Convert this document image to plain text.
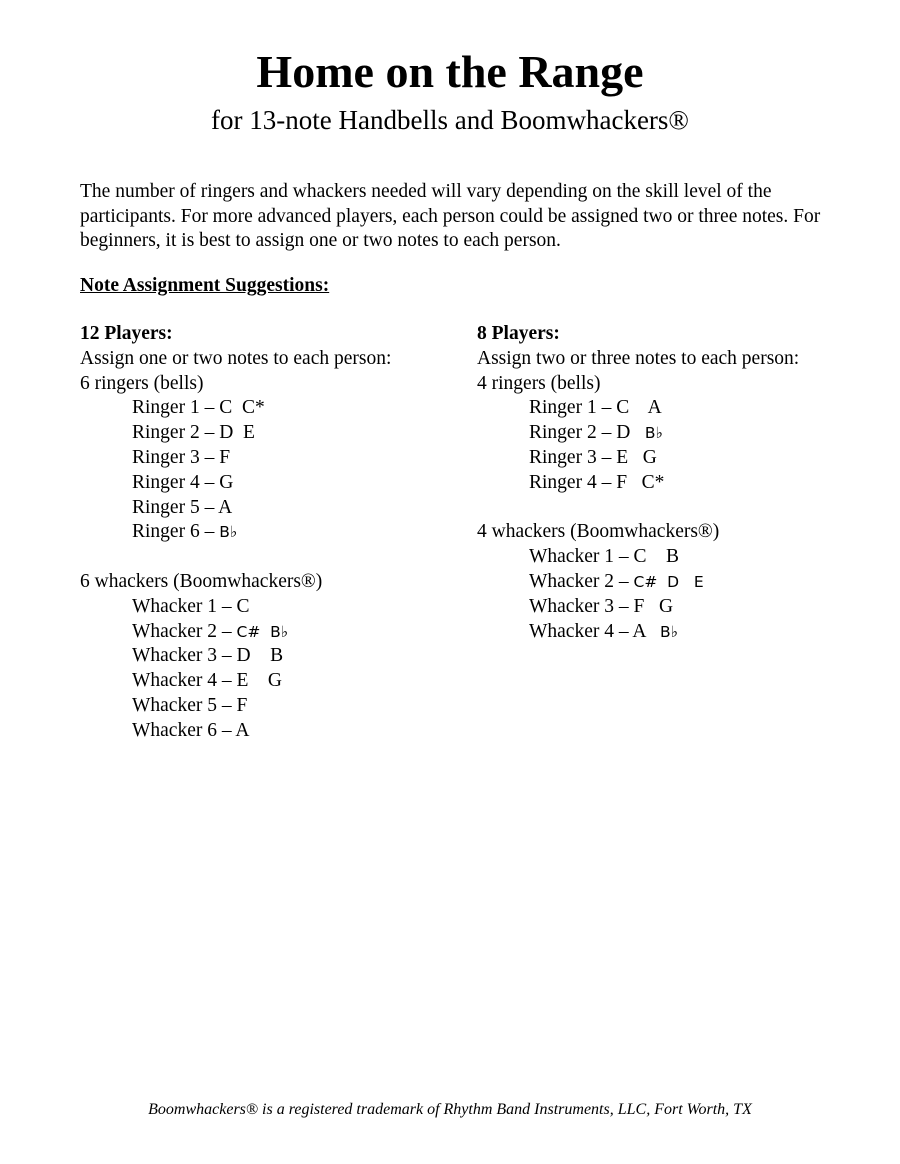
Home on the Range
for 13-note Handbells and Boomwhackers®
The number of ringers and whackers needed will vary depending on the skill level of the participants. For more advanced players, each person could be assigned two or three notes. For beginners, it is best to assign one or two notes to each person.
Note Assignment Suggestions:
12 Players:
Assign one or two notes to each person:
6 ringers (bells)
Ringer 1 – C C*
Ringer 2 – D E
Ringer 3 – F
Ringer 4 – G
Ringer 5 – A
Ringer 6 – B♭
6 whackers (Boomwhackers®)
Whacker 1 – C
Whacker 2 – C#  B♭
Whacker 3 – D B
Whacker 4 – E G
Whacker 5 – F
Whacker 6 – A
8 Players:
Assign two or three notes to each person:
4 ringers (bells)
Ringer 1 – C A
Ringer 2 – D B♭
Ringer 3 – E G
Ringer 4 – F C*
4 whackers (Boomwhackers®)
Whacker 1 – C B
Whacker 2 – C#  D   E
Whacker 3 – F G
Whacker 4 – A B♭
Boomwhackers® is a registered trademark of Rhythm Band Instruments, LLC, Fort Worth, TX
